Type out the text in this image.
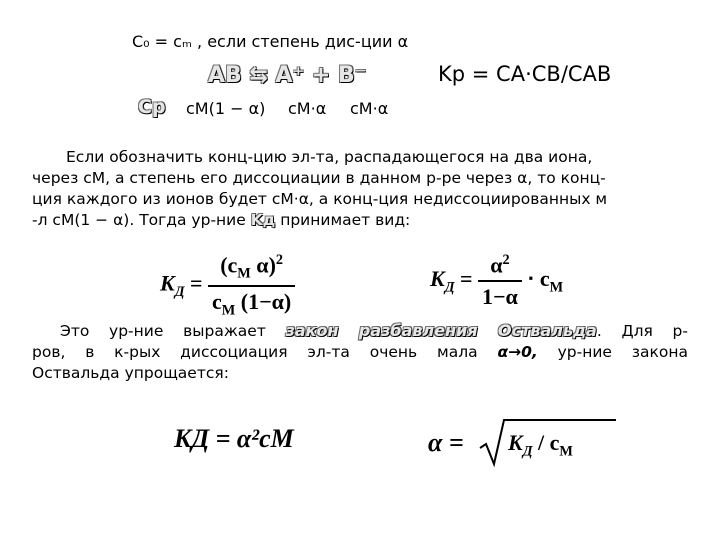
C₀ = cₘ , если степень дис-ции α
AB ⇆ A⁺ + B⁻	Kр = CA·CB/CAB
Cр cМ(1 − α) cМ·α cМ·α
Если обозначить конц-цию эл-та, распадающегося на два иона,
через cМ, а степень его диссоциации в данном р-ре через α, то конц-
ция каждого из ионов будет cМ·α, а конц-ция недиссоциированных м
-л cМ(1 − α). Тогда ур-ние Kд принимает вид:
$K_Д = \frac{(c_M \alpha)^2}{c_M (1-\alpha)}$	$K_Д = \frac{\alpha^2}{1-\alpha} \cdot c_M$
Это ур-ние выражает закон разбавления Оствальда. Для р-
ров, в к-рых диссоциация эл-та очень мала α→0, ур-ние закона
Оствальда упрощается:
KД = α²cМ	$\alpha = K_Д / c_M$
